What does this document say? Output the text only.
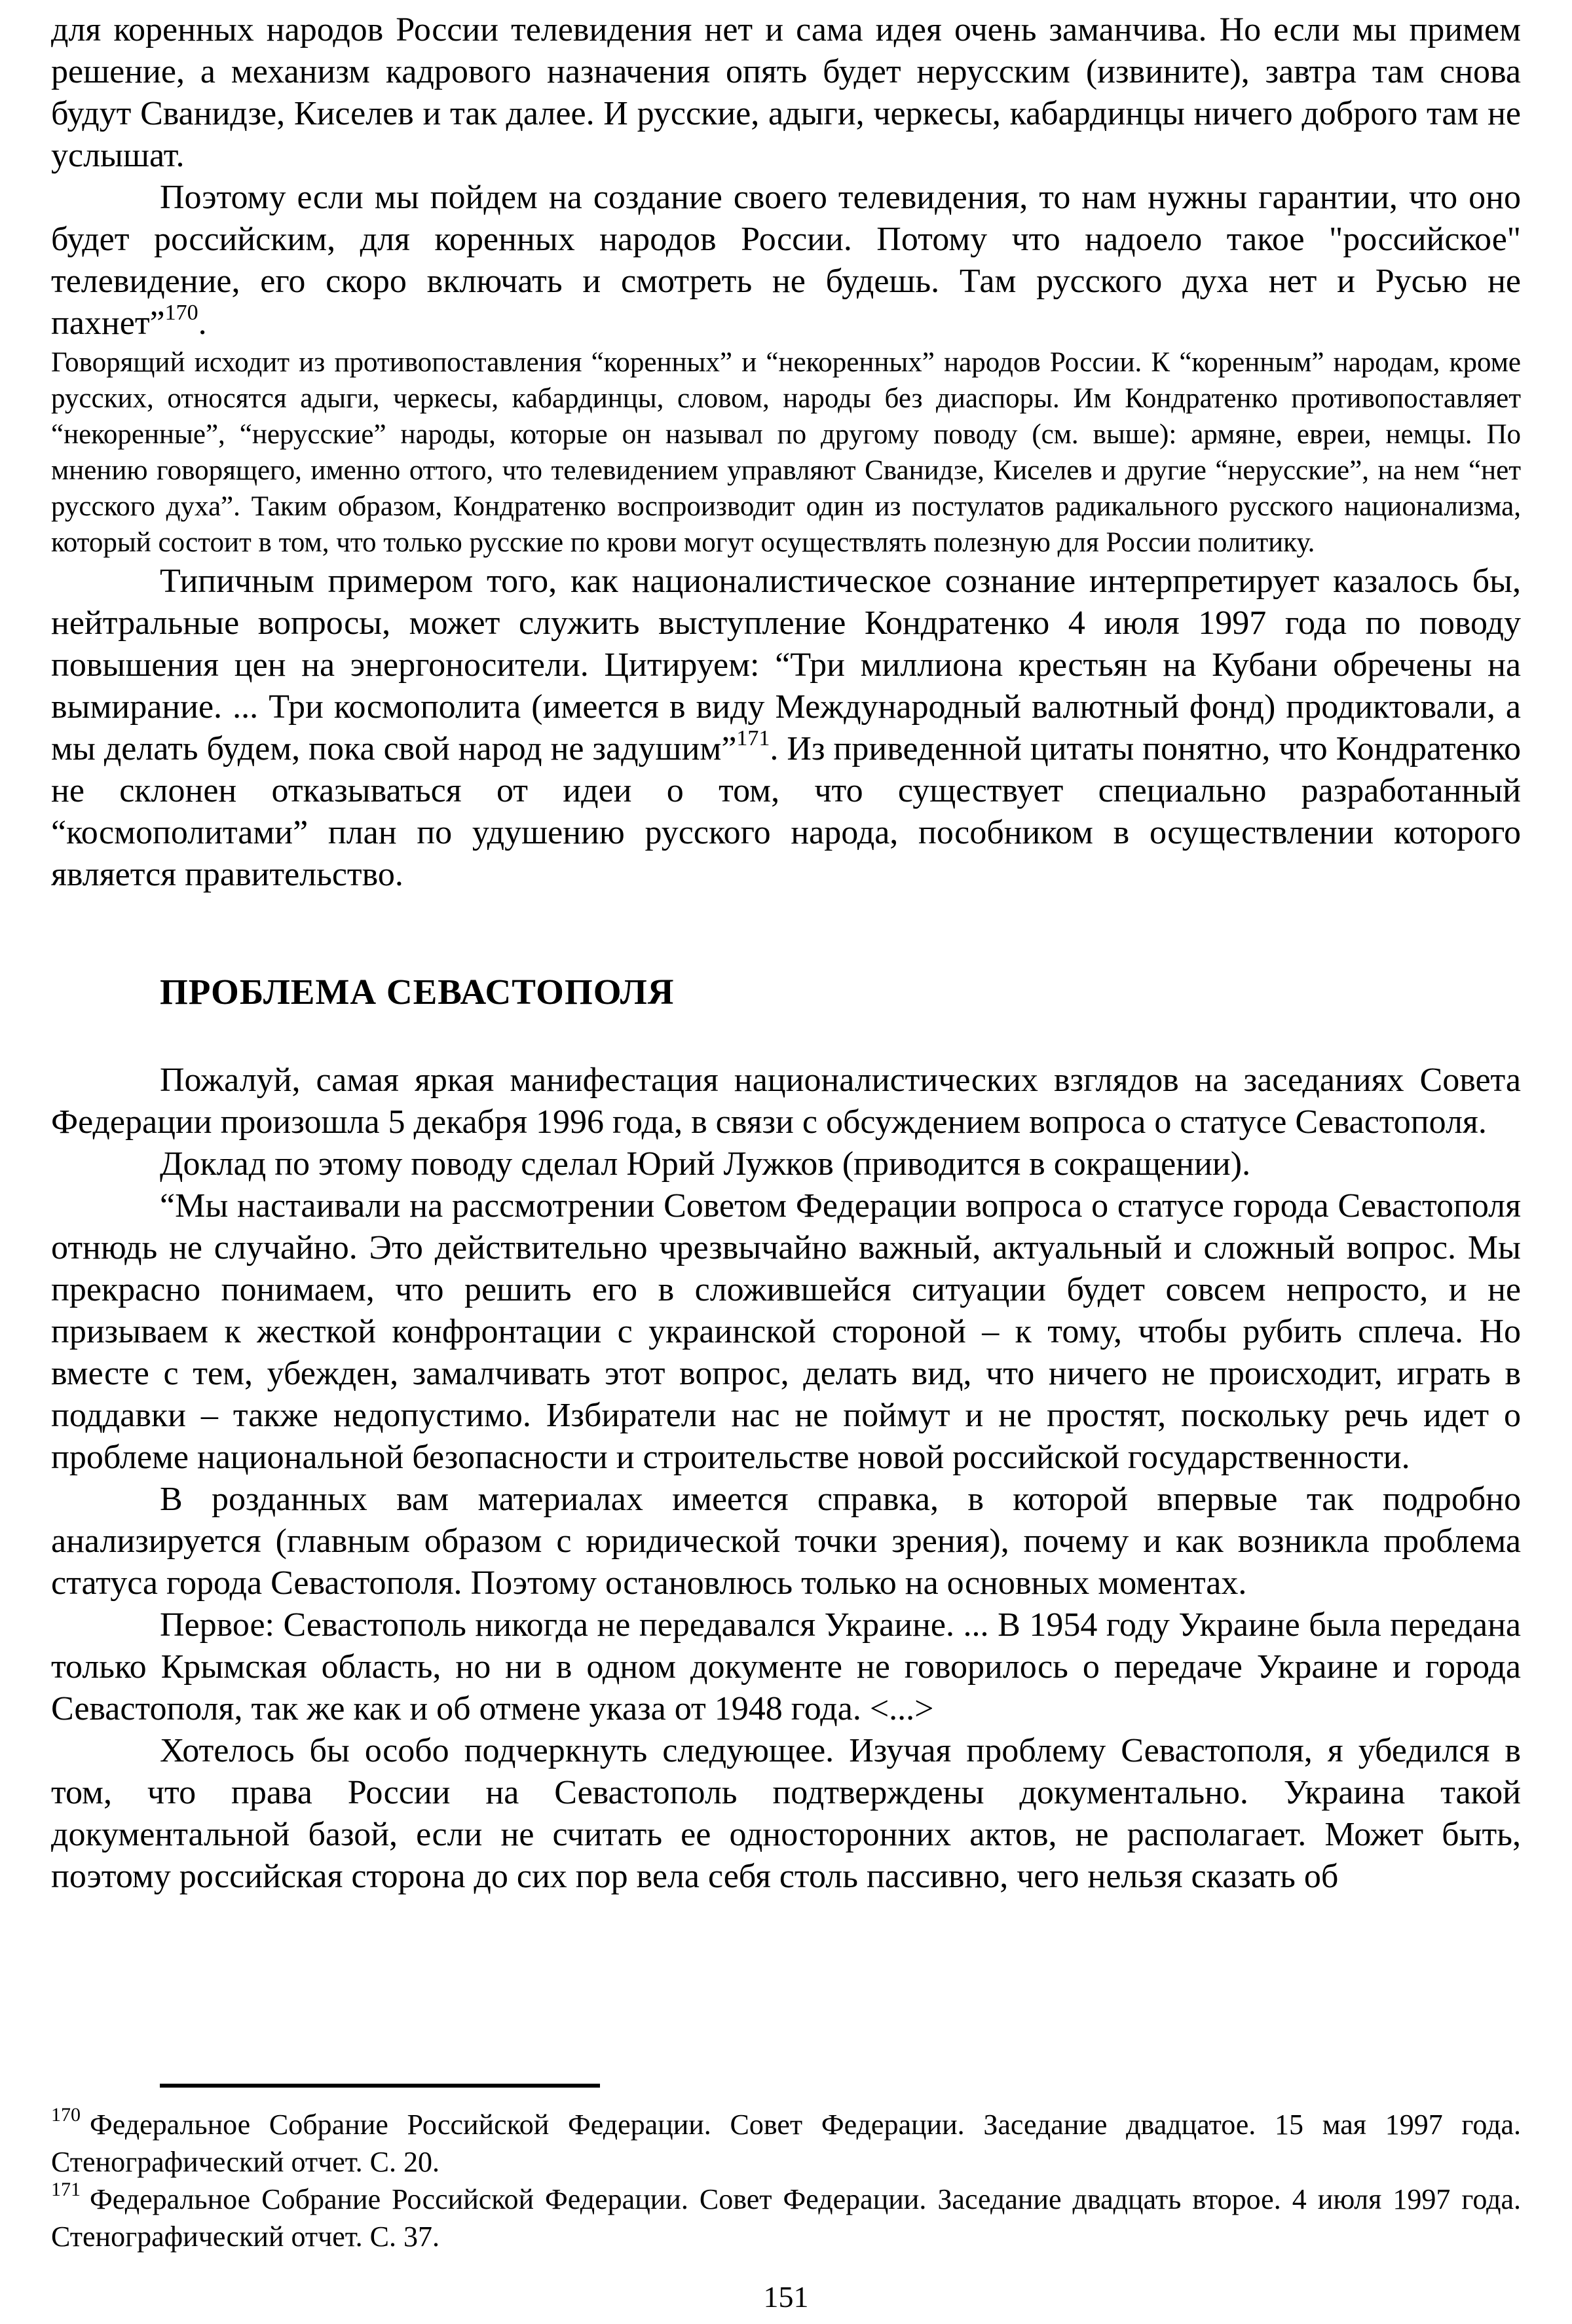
для коренных народов России телевидения нет и сама идея очень заманчива. Но если мы примем решение, а механизм кадрового назначения опять будет нерусским (извините), завтра там снова будут Сванидзе, Киселев и так далее. И русские, адыги, черкесы, кабардинцы ничего доброго там не услышат.

Поэтому если мы пойдем на создание своего телевидения, то нам нужны гарантии, что оно будет российским, для коренных народов России. Потому что надоело такое "российское" телевидение, его скоро включать и смотреть не будешь. Там русского духа нет и Русью не пахнет”$^{170}$.

Говорящий исходит из противопоставления “коренных” и “некоренных” народов России. К “коренным” народам, кроме русских, относятся адыги, черкесы, кабардинцы, словом, народы без диаспоры. Им Кондратенко противопоставляет “некоренные”, “нерусские” народы, которые он называл по другому поводу (см. выше): армяне, евреи, немцы. По мнению говорящего, именно оттого, что телевидением управляют Сванидзе, Киселев и другие “нерусские”, на нем “нет русского духа”. Таким образом, Кондратенко воспроизводит один из постулатов радикального русского национализма, который состоит в том, что только русские по крови могут осуществлять полезную для России политику.

Типичным примером того, как националистическое сознание интерпретирует казалось бы, нейтральные вопросы, может служить выступление Кондратенко 4 июля 1997 года по поводу повышения цен на энергоносители. Цитируем: “Три миллиона крестьян на Кубани обречены на вымирание. ... Три космополита (имеется в виду Международный валютный фонд) продиктовали, а мы делать будем, пока свой народ не задушим”$^{171}$. Из приведенной цитаты понятно, что Кондратенко не склонен отказываться от идеи о том, что существует специально разработанный “космополитами” план по удушению русского народа, пособником в осуществлении которого является правительство.

ПРОБЛЕМА СЕВАСТОПОЛЯ

Пожалуй, самая яркая манифестация националистических взглядов на заседаниях Совета Федерации произошла 5 декабря 1996 года, в связи с обсуждением вопроса о статусе Севастополя.

Доклад по этому поводу сделал Юрий Лужков (приводится в сокращении).

“Мы настаивали на рассмотрении Советом Федерации вопроса о статусе города Севастополя отнюдь не случайно. Это действительно чрезвычайно важный, актуальный и сложный вопрос. Мы прекрасно понимаем, что решить его в сложившейся ситуации будет совсем непросто, и не призываем к жесткой конфронтации с украинской стороной – к тому, чтобы рубить сплеча. Но вместе с тем, убежден, замалчивать этот вопрос, делать вид, что ничего не происходит, играть в поддавки – также недопустимо. Избиратели нас не поймут и не простят, поскольку речь идет о проблеме национальной безопасности и строительстве новой российской государственности.

В розданных вам материалах имеется справка, в которой впервые так подробно анализируется (главным образом с юридической точки зрения), почему и как возникла проблема статуса города Севастополя. Поэтому остановлюсь только на основных моментах.

Первое: Севастополь никогда не передавался Украине. ... В 1954 году Украине была передана только Крымская область, но ни в одном документе не говорилось о передаче Украине и города Севастополя, так же как и об отмене указа от 1948 года. <...>

Хотелось бы особо подчеркнуть следующее. Изучая проблему Севастополя, я убедился в том, что права России на Севастополь подтверждены документально. Украина такой документальной базой, если не считать ее односторонних актов, не располагает. Может быть, поэтому российская сторона до сих пор вела себя столь пассивно, чего нельзя сказать об

$^{170}$ Федеральное Собрание Российской Федерации. Совет Федерации. Заседание двадцатое. 15 мая 1997 года. Стенографический отчет. С. 20.

$^{171}$ Федеральное Собрание Российской Федерации. Совет Федерации. Заседание двадцать второе. 4 июля 1997 года. Стенографический отчет. С. 37.

151
